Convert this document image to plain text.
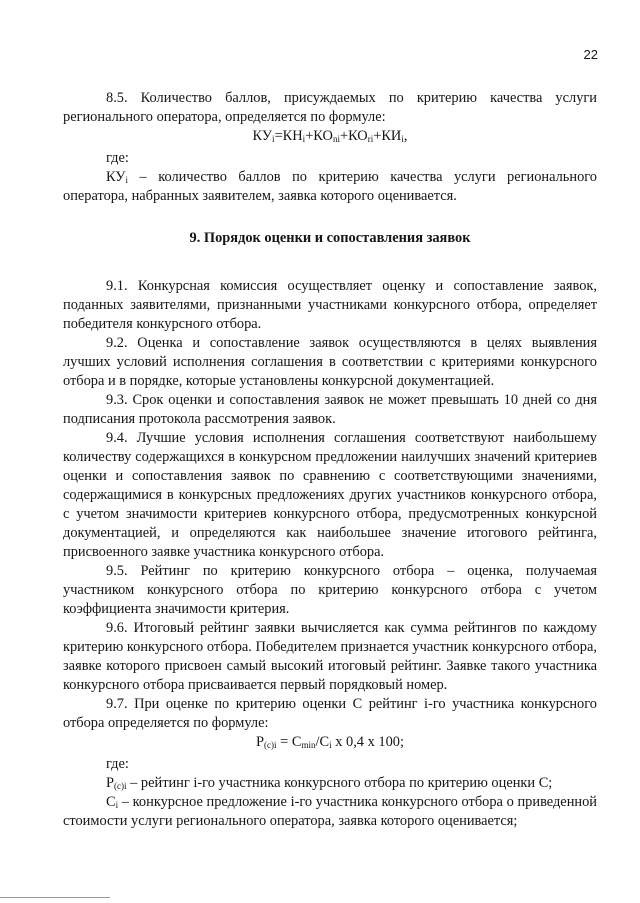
22

8.5. Количество баллов, присуждаемых по критерию качества услуги регионального оператора, определяется по формуле:

$КУ_i=КН_i+КО_{ni}+КО_{ri}+КИ_i$,

где:

$КУ_i$ – количество баллов по критерию качества услуги регионального оператора, набранных заявителем, заявка которого оценивается.

9. Порядок оценки и сопоставления заявок

9.1. Конкурсная комиссия осуществляет оценку и сопоставление заявок, поданных заявителями, признанными участниками конкурсного отбора, определяет победителя конкурсного отбора.

9.2. Оценка и сопоставление заявок осуществляются в целях выявления лучших условий исполнения соглашения в соответствии с критериями конкурсного отбора и в порядке, которые установлены конкурсной документацией.

9.3. Срок оценки и сопоставления заявок не может превышать 10 дней со дня подписания протокола рассмотрения заявок.

9.4. Лучшие условия исполнения соглашения соответствуют наибольшему количеству содержащихся в конкурсном предложении наилучших значений критериев оценки и сопоставления заявок по сравнению с соответствующими значениями, содержащимися в конкурсных предложениях других участников конкурсного отбора, с учетом значимости критериев конкурсного отбора, предусмотренных конкурсной документацией, и определяются как наибольшее значение итогового рейтинга, присвоенного заявке участника конкурсного отбора.

9.5. Рейтинг по критерию конкурсного отбора – оценка, получаемая участником конкурсного отбора по критерию конкурсного отбора с учетом коэффициента значимости критерия.

9.6. Итоговый рейтинг заявки вычисляется как сумма рейтингов по каждому критерию конкурсного отбора. Победителем признается участник конкурсного отбора, заявке которого присвоен самый высокий итоговый рейтинг. Заявке такого участника конкурсного отбора присваивается первый порядковый номер.

9.7. При оценке по критерию оценки С рейтинг i-го участника конкурсного отбора определяется по формуле:

$P_{(c)i} = C_{min}/C_i$ x 0,4 x 100;

где:

$P_{(c)i}$ – рейтинг i-го участника конкурсного отбора по критерию оценки С;

$C_i$ – конкурсное предложение i-го участника конкурсного отбора о приведенной стоимости услуги регионального оператора, заявка которого оценивается;
